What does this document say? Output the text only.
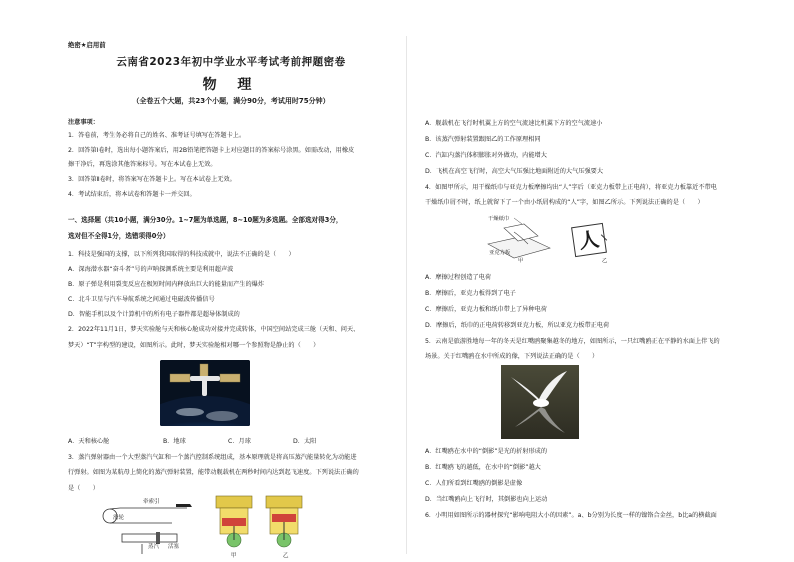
绝密★启用前
云南省2023年初中学业水平考试考前押题密卷
物 理
（全卷五个大题，共23个小题，满分90分，考试用时75分钟）
注意事项：
1．答卷前，考生务必将自己的姓名、准考证号填写在答题卡上。
2．回答第Ⅰ卷时，选出每小题答案后，用2B铅笔把答题卡上对应题目的答案标号涂黑。如需改动，用橡皮
擦干净后，再选涂其他答案标号。写在本试卷上无效。
3．回答第Ⅱ卷时，将答案写在答题卡上。写在本试卷上无效。
4．考试结束后，将本试卷和答题卡一并交回。
一、选择题（共10小题，满分30分。1~7题为单选题，8~10题为多选题。全部选对得3分，
选对但不全得1分，选错项得0分）
1．科技是强国的支撑，以下所列我国取得的科技成就中，说法不正确的是（　　）
A．深海潜水器“奋斗者”号的声呐探测系统主要是利用超声波
B．原子弹是利用裂变反应在极短时间内释放出巨大的能量而产生的爆炸
C．北斗卫星与汽车导航系统之间通过电磁波传播信号
D．智能手机以及个计算机中的所有电子器件都是超导体制成的
2．2022年11月1日，梦天实验舱与天和核心舱成功对接并完成转体，中国空间站完成三舱（天和、问天、
梦天）“T”字构型的建设，如图所示。此时，梦天实验舱相对哪一个参照物是静止的（　　）
A．天和核心舱	B．地球	C．月球	D．太阳
3．蒸汽弹射器由一个大型蒸汽气缸和一个蒸汽控制系统组成，基本原理就是将高压蒸汽能量转化为动能进
行弹射。如图为某航母上简化的蒸汽弹射装置，能带动舰载机在两秒时间内达到起飞速度。下列说法正确的
是（　　）
牵索引
滑轮
蒸汽 活塞
甲	乙
A．舰载机在飞行时机翼上方的空气流速比机翼下方的空气流速小
B．该蒸汽弹射装置跟图乙的工作原理相同
C．汽缸内蒸汽体积膨胀对外做功，内能增大
D．飞机在高空飞行时，高空大气压强比地面附近的大气压强要大
4．如图甲所示，用干燥纸巾与亚克力板摩擦均出“人”字后（亚克力板带上正电荷），将亚克力板靠近不带电
干燥纸巾屑不时，纸上就留下了一个由小纸屑构成的“人”字，如图乙所示。下列说法正确的是（　　）
干燥纸巾
亚克力板
甲
人
乙
A．摩擦过程创造了电荷
B．摩擦后，亚克力板得到了电子
C．摩擦后，亚克力板和纸巾带上了异种电荷
D．摩擦后，纸巾的正电荷转移到亚克力板，所以亚克力板带正电荷
5．云南是旅游胜地每一年的冬天是红嘴鸥聚集越冬的地方，如图所示，一只红嘴鸥正在平静的水面上伴飞的
场景。关于红嘴鸥在水中所成的像，下列说法正确的是（　　）
A．红嘴鸥在水中的“倒影”是光的折射形成的
B．红嘴鸥飞的越低，在水中的“倒影”越大
C．人们所看到红嘴鸥的倒影是虚像
D．当红嘴鸥向上飞行时，其倒影也向上运动
6．小明用如图所示的器材探究“影响电阻大小的因素”。a、b分别为长度一样的镍铬合金丝，b比a的横截面
